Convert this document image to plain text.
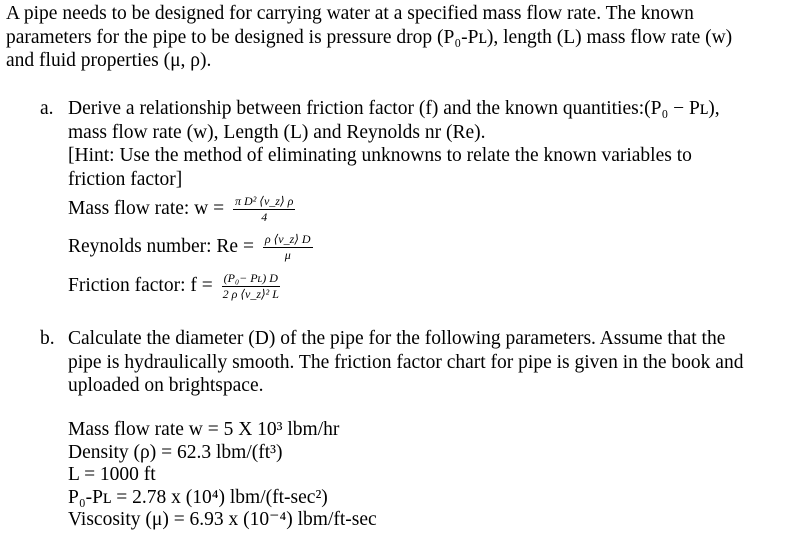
A pipe needs to be designed for carrying water at a specified mass flow rate. The known
parameters for the pipe to be designed is pressure drop (P₀-Pʟ), length (L) mass flow rate (w)
and fluid properties (μ, ρ).
a. Derive a relationship between friction factor (f) and the known quantities:(P₀ − Pʟ),
mass flow rate (w), Length (L) and Reynolds nr (Re).
[Hint: Use the method of eliminating unknowns to relate the known variables to
friction factor]
Mass flow rate: $w = \frac{\text{π D² ⟨v\_z⟩ ρ}}{4}$
Reynolds number: $Re = \frac{\rho ⟨v\_z⟩ D}{\mu}$
Friction factor: $f = \frac{\text{(P₀− Pʟ) D}}{\text{2 ρ ⟨v\_z⟩² L}}$
b. Calculate the diameter (D) of the pipe for the following parameters. Assume that the
pipe is hydraulically smooth. The friction factor chart for pipe is given in the book and
uploaded on brightspace.
Mass flow rate w = 5 X 10³ lbm/hr
Density (ρ) = 62.3 lbm/(ft³)
L = 1000 ft
P₀-Pʟ = 2.78 x (10⁴) lbm/(ft-sec²)
Viscosity (μ) = 6.93 x (10⁻⁴) lbm/ft-sec
